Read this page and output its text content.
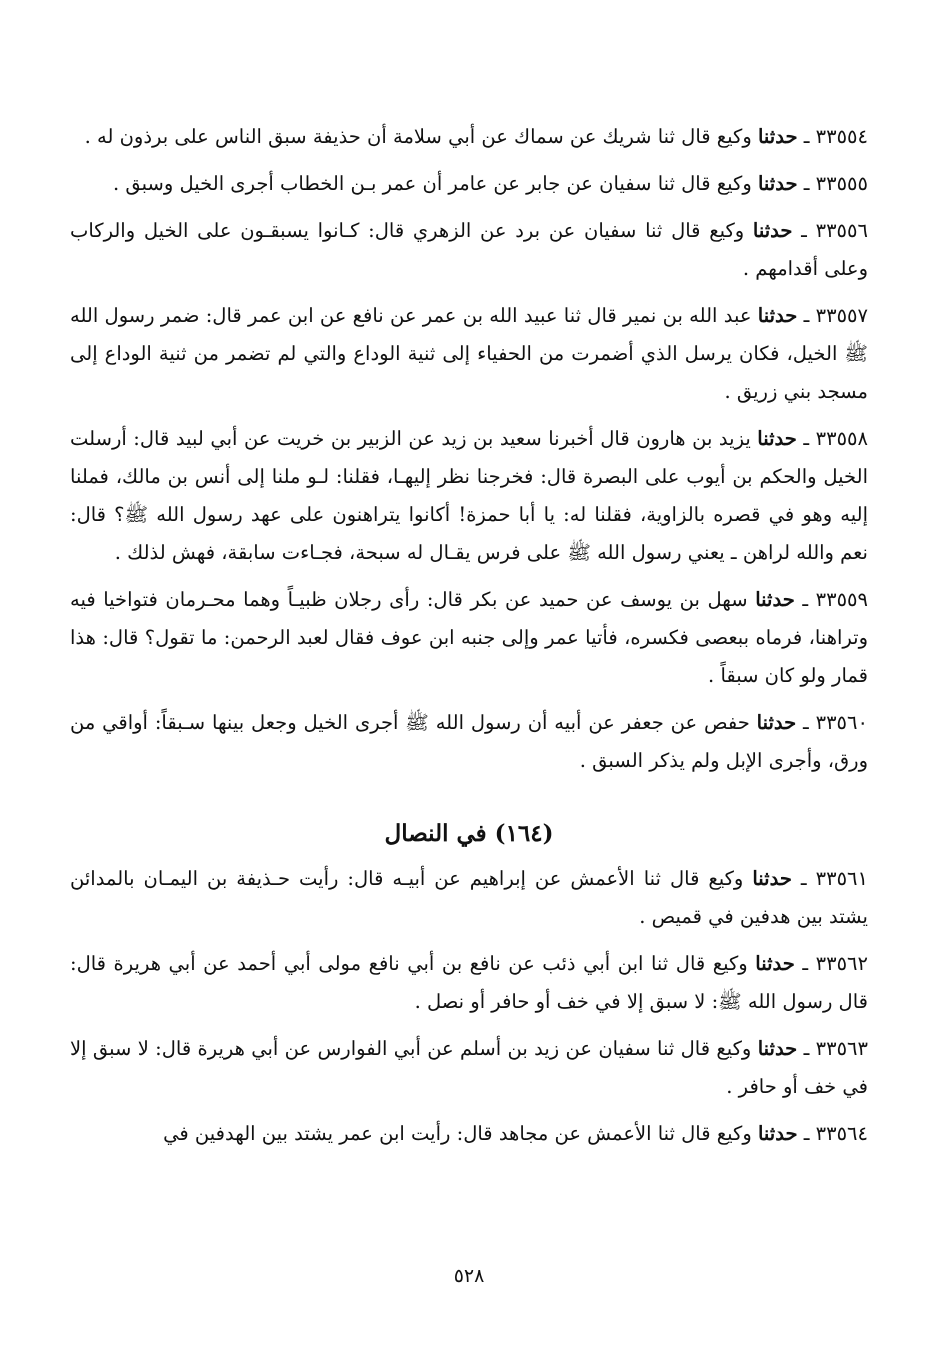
٣٣٥٥٤ ـ حدثنا وكيع قال ثنا شريك عن سماك عن أبي سلامة أن حذيفة سبق الناس على برذون له .

٣٣٥٥٥ ـ حدثنا وكيع قال ثنا سفيان عن جابر عن عامر أن عمر بـن الخطاب أجرى الخيل وسبق .

٣٣٥٥٦ ـ حدثنا وكيع قال ثنا سفيان عن برد عن الزهري قال: كـانوا يسبقـون على الخيل والركاب وعلى أقدامهم .

٣٣٥٥٧ ـ حدثنا عبد الله بن نمير قال ثنا عبيد الله بن عمر عن نافع عن ابن عمر قال: ضمر رسول الله ﷺ الخيل، فكان يرسل الذي أضمرت من الحفياء إلى ثنية الوداع والتي لم تضمر من ثنية الوداع إلى مسجد بني زريق .

٣٣٥٥٨ ـ حدثنا يزيد بن هارون قال أخبرنا سعيد بن زيد عن الزبير بن خريت عن أبي لبيد قال: أرسلت الخيل والحكم بن أيوب على البصرة قال: فخرجنا نظر إليهـا، فقلنا: لـو ملنا إلى أنس بن مالك، فملنا إليه وهو في قصره بالزاوية، فقلنا له: يا أبا حمزة! أكانوا يتراهنون على عهد رسول الله ﷺ؟ قال: نعم والله لراهن ـ يعني رسول الله ﷺ على فرس يقـال له سبحة، فجـاءت سابقة، فهش لذلك .

٣٣٥٥٩ ـ حدثنا سهل بن يوسف عن حميد عن بكر قال: رأى رجلان ظبيـاً وهما محـرمان فتواخيا فيه وتراهنا، فرماه ببعصى فكسره، فأتيا عمر وإلى جنبه ابن عوف فقال لعبد الرحمن: ما تقول؟ قال: هذا قمار ولو كان سبقاً .

٣٣٥٦٠ ـ حدثنا حفص عن جعفر عن أبيه أن رسول الله ﷺ أجرى الخيل وجعل بينها سـبقاً: أواقي من ورق، وأجرى الإبل ولم يذكر السبق .

(١٦٤) في النصال

٣٣٥٦١ ـ حدثنا وكيع قال ثنا الأعمش عن إبراهيم عن أبيـه قال: رأيت حـذيفة بن اليمـان بالمدائن يشتد بين هدفين في قميص .

٣٣٥٦٢ ـ حدثنا وكيع قال ثنا ابن أبي ذئب عن نافع بن أبي نافع مولى أبي أحمد عن أبي هريرة قال: قال رسول الله ﷺ: لا سبق إلا في خف أو حافر أو نصل .

٣٣٥٦٣ ـ حدثنا وكيع قال ثنا سفيان عن زيد بن أسلم عن أبي الفوارس عن أبي هريرة قال: لا سبق إلا في خف أو حافر .

٣٣٥٦٤ ـ حدثنا وكيع قال ثنا الأعمش عن مجاهد قال: رأيت ابن عمر يشتد بين الهدفين في

٥٢٨
